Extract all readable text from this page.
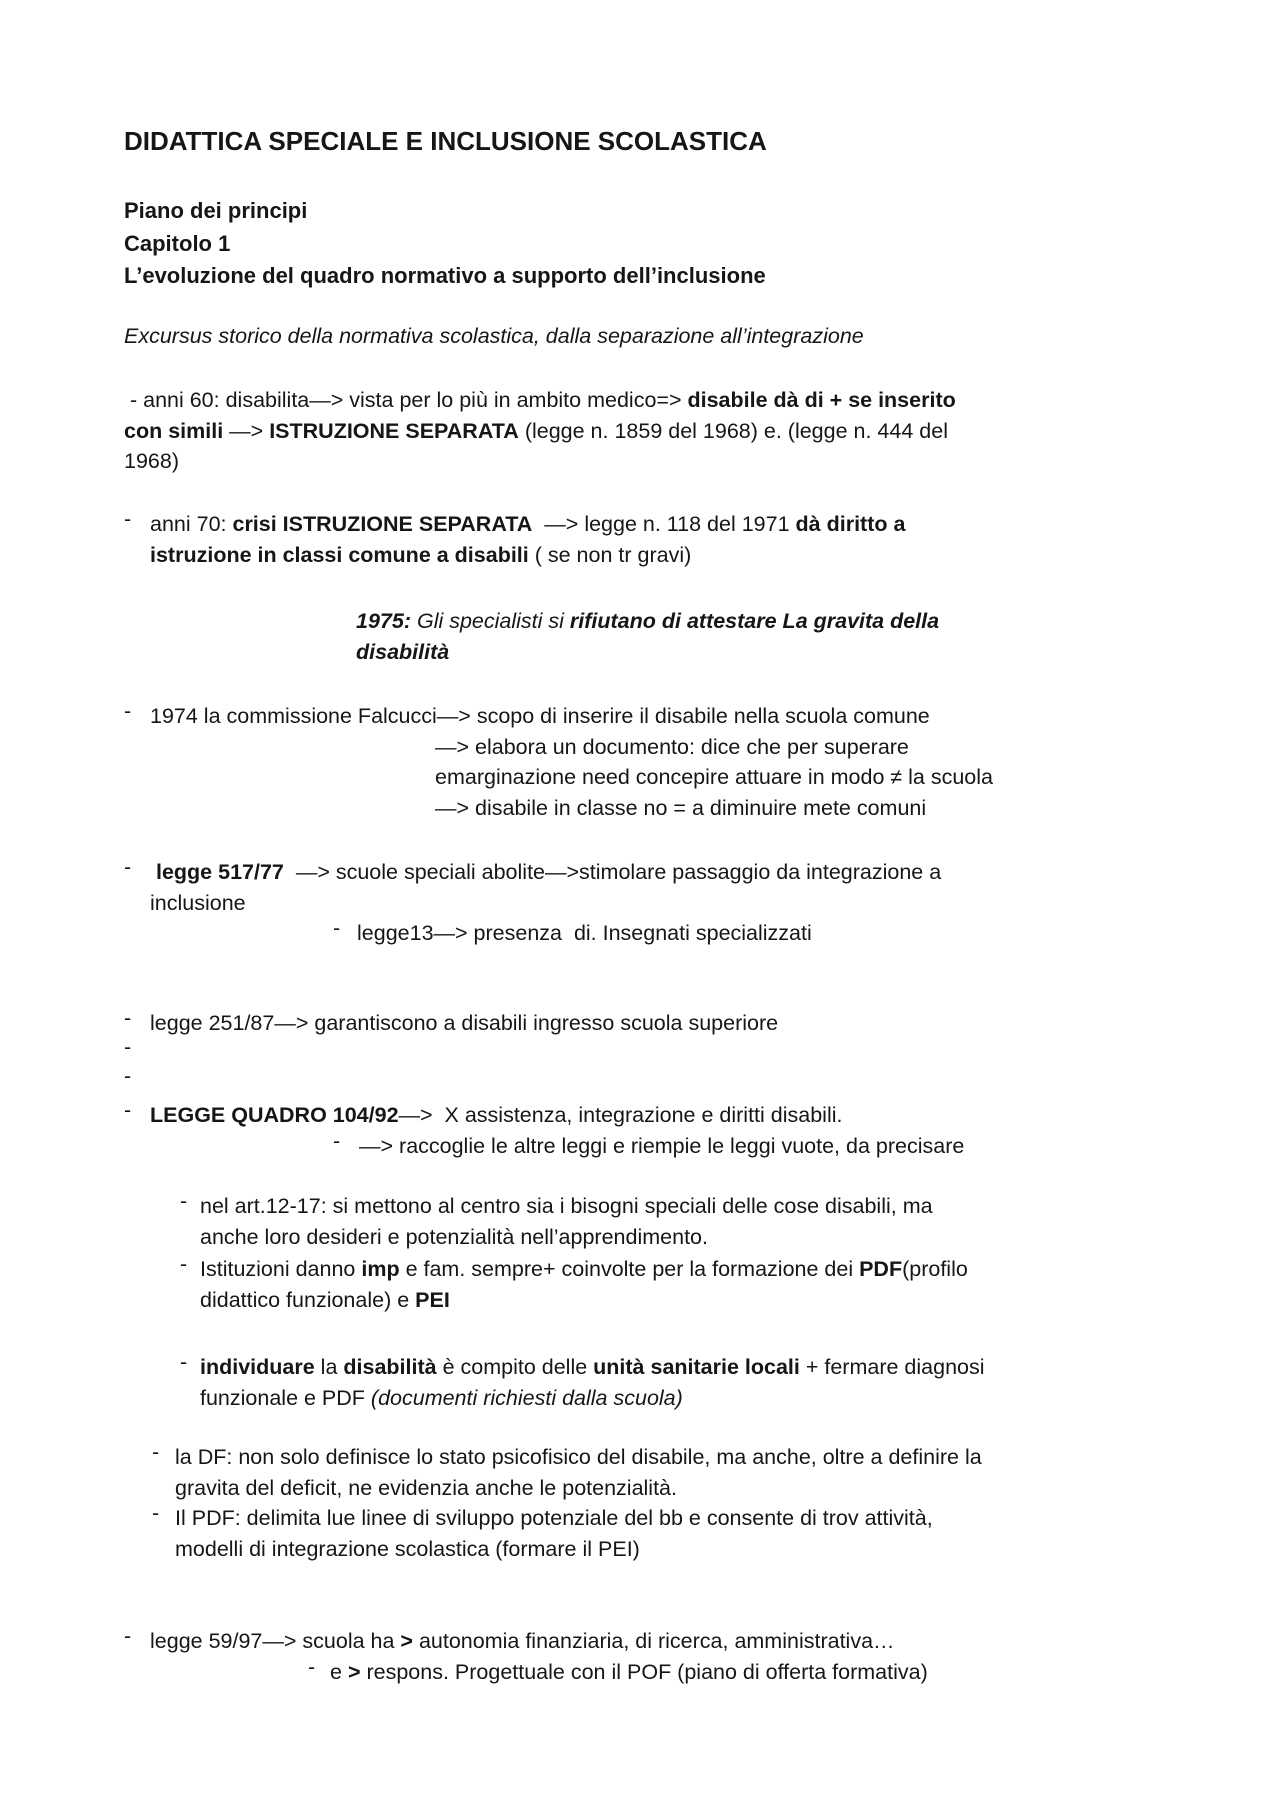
DIDATTICA SPECIALE E INCLUSIONE SCOLASTICA
Piano dei principi
Capitolo 1
L’evoluzione del quadro normativo a supporto dell’inclusione
Excursus storico della normativa scolastica, dalla separazione all’integrazione
- anni 60: disabilita—> vista per lo più in ambito medico=> disabile dà di + se inserito
con simili —> ISTRUZIONE SEPARATA (legge n. 1859 del 1968) e. (legge n. 444 del
1968)
- anni 70: crisi ISTRUZIONE SEPARATA  —> legge n. 118 del 1971 dà diritto a
istruzione in classi comune a disabili ( se non tr gravi)
1975: Gli specialisti si rifiutano di attestare La gravita della
disabilità
- 1974 la commissione Falcucci—> scopo di inserire il disabile nella scuola comune
—> elabora un documento: dice che per superare
emarginazione need concepire attuare in modo ≠ la scuola
—> disabile in classe no = a diminuire mete comuni
- legge 517/77  —> scuole speciali abolite—>stimolare passaggio da integrazione a
inclusione
- legge13—> presenza  di. Insegnati specializzati
- legge 251/87—> garantiscono a disabili ingresso scuola superiore
-
-
- LEGGE QUADRO 104/92—>  X assistenza, integrazione e diritti disabili.
- —> raccoglie le altre leggi e riempie le leggi vuote, da precisare
- nel art.12-17: si mettono al centro sia i bisogni speciali delle cose disabili, ma
anche loro desideri e potenzialità nell’apprendimento.
- Istituzioni danno imp e fam. sempre+ coinvolte per la formazione dei PDF(profilo
didattico funzionale) e PEI
- individuare la disabilità è compito delle unità sanitarie locali + fermare diagnosi
funzionale e PDF (documenti richiesti dalla scuola)
- la DF: non solo definisce lo stato psicofisico del disabile, ma anche, oltre a definire la
gravita del deficit, ne evidenzia anche le potenzialità.
- Il PDF: delimita lue linee di sviluppo potenziale del bb e consente di trov attività,
modelli di integrazione scolastica (formare il PEI)
- legge 59/97—> scuola ha > autonomia finanziaria, di ricerca, amministrativa…
- e > respons. Progettuale con il POF (piano di offerta formativa)
